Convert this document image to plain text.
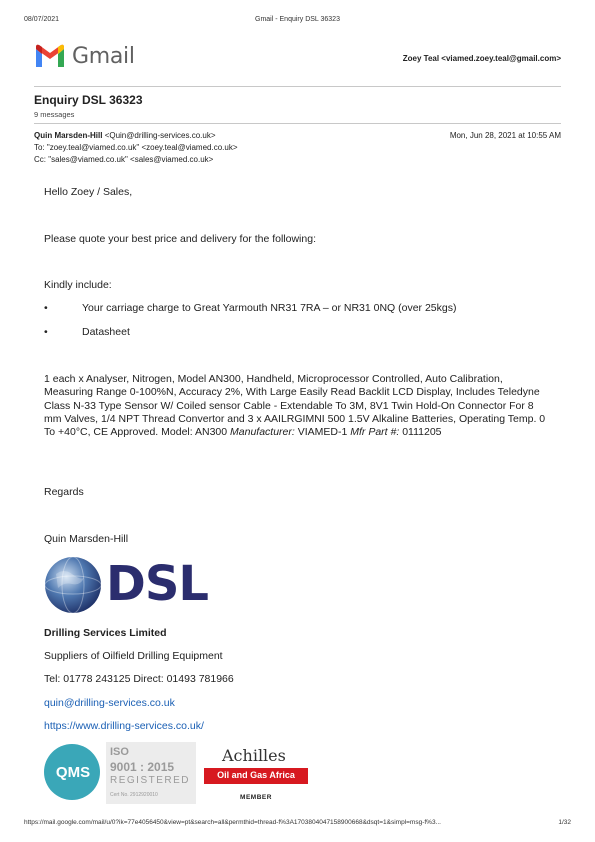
08/07/2021	Gmail - Enquiry DSL 36323
Gmail	Zoey Teal <viamed.zoey.teal@gmail.com>
Enquiry DSL 36323
9 messages
Quin Marsden-Hill <Quin@drilling-services.co.uk>	Mon, Jun 28, 2021 at 10:55 AM
To: "zoey.teal@viamed.co.uk" <zoey.teal@viamed.co.uk>
Cc: "sales@viamed.co.uk" <sales@viamed.co.uk>
Hello Zoey / Sales,
Please quote your best price and delivery for the following:
Kindly include:
•	Your carriage charge to Great Yarmouth NR31 7RA – or NR31 0NQ (over 25kgs)
•	Datasheet
1 each x Analyser, Nitrogen, Model AN300, Handheld, Microprocessor Controlled, Auto Calibration, Measuring Range 0-100%N, Accuracy 2%, With Large Easily Read Backlit LCD Display, Includes Teledyne Class N-33 Type Sensor W/ Coiled sensor Cable - Extendable To 3M, 8V1 Twin Hold-On Connector For 8 mm Valves, 1/4 NPT Thread Convertor and 3 x AAILRGIMNI 500 1.5V Alkaline Batteries, Operating Temp. 0 To +40°C, CE Approved. Model: AN300 Manufacturer: VIAMED-1 Mfr Part #: 0111205
Regards
Quin Marsden-Hill
DSL
Drilling Services Limited
Suppliers of Oilfield Drilling Equipment
Tel: 01778 243125 Direct: 01493 781966
quin@drilling-services.co.uk
https://www.drilling-services.co.uk/
QMS
ISO
9001 : 2015
REGISTERED
Cert No. 2912920010
Achilles
Oil and Gas Africa
MEMBER
https://mail.google.com/mail/u/0?ik=77e4056450&view=pt&search=all&permthid=thread-f%3A1703804047158900668&dsqt=1&simpl=msg-f%3...	1/32
